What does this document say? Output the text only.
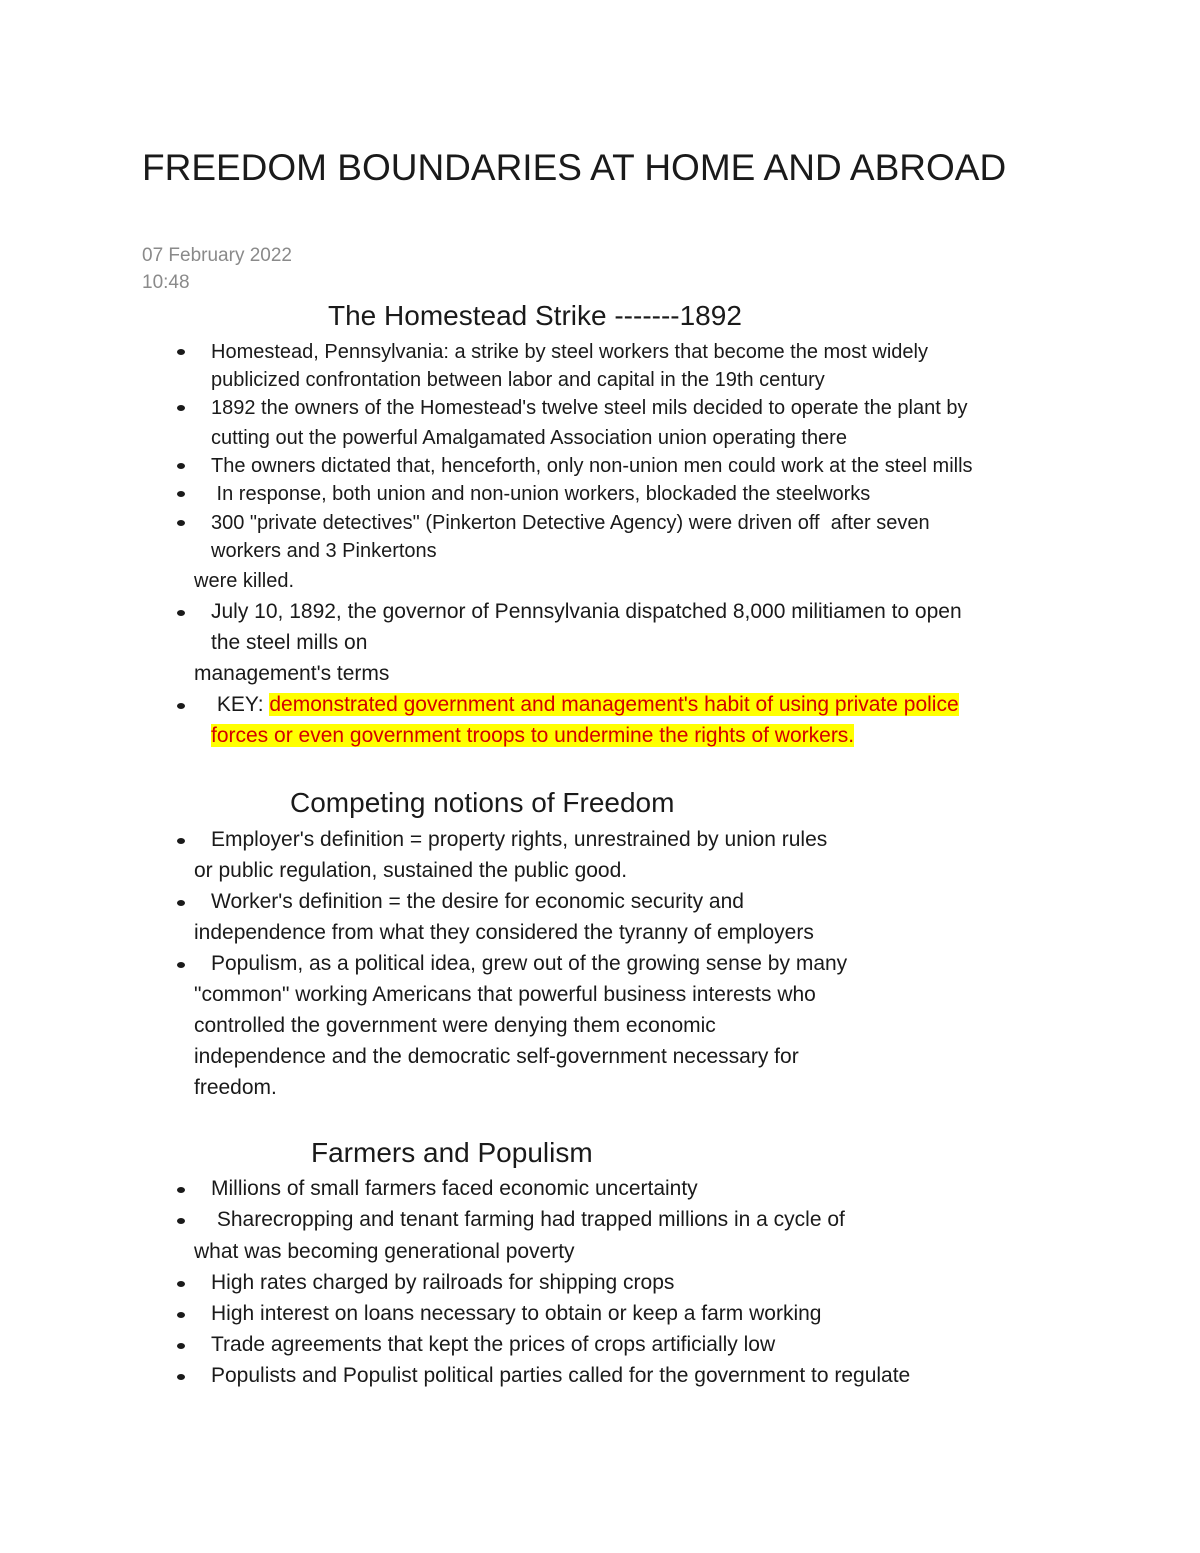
FREEDOM BOUNDARIES AT HOME AND ABROAD
07 February 2022
10:48
The Homestead Strike -------1892
Homestead, Pennsylvania: a strike by steel workers that become the most widely
publicized confrontation between labor and capital in the 19th century
1892 the owners of the Homestead's twelve steel mils decided to operate the plant by
cutting out the powerful Amalgamated Association union operating there
The owners dictated that, henceforth, only non-union men could work at the steel mills
In response, both union and non-union workers, blockaded the steelworks
300 "private detectives" (Pinkerton Detective Agency) were driven off  after seven
workers and 3 Pinkertons
were killed.
July 10, 1892, the governor of Pennsylvania dispatched 8,000 militiamen to open
the steel mills on
management's terms
KEY: demonstrated government and management's habit of using private police
forces or even government troops to undermine the rights of workers.
Competing notions of Freedom
Employer's definition = property rights, unrestrained by union rules
or public regulation, sustained the public good.
Worker's definition = the desire for economic security and
independence from what they considered the tyranny of employers
Populism, as a political idea, grew out of the growing sense by many
"common" working Americans that powerful business interests who
controlled the government were denying them economic
independence and the democratic self-government necessary for
freedom.
Farmers and Populism
Millions of small farmers faced economic uncertainty
Sharecropping and tenant farming had trapped millions in a cycle of
what was becoming generational poverty
High rates charged by railroads for shipping crops
High interest on loans necessary to obtain or keep a farm working
Trade agreements that kept the prices of crops artificially low
Populists and Populist political parties called for the government to regulate
